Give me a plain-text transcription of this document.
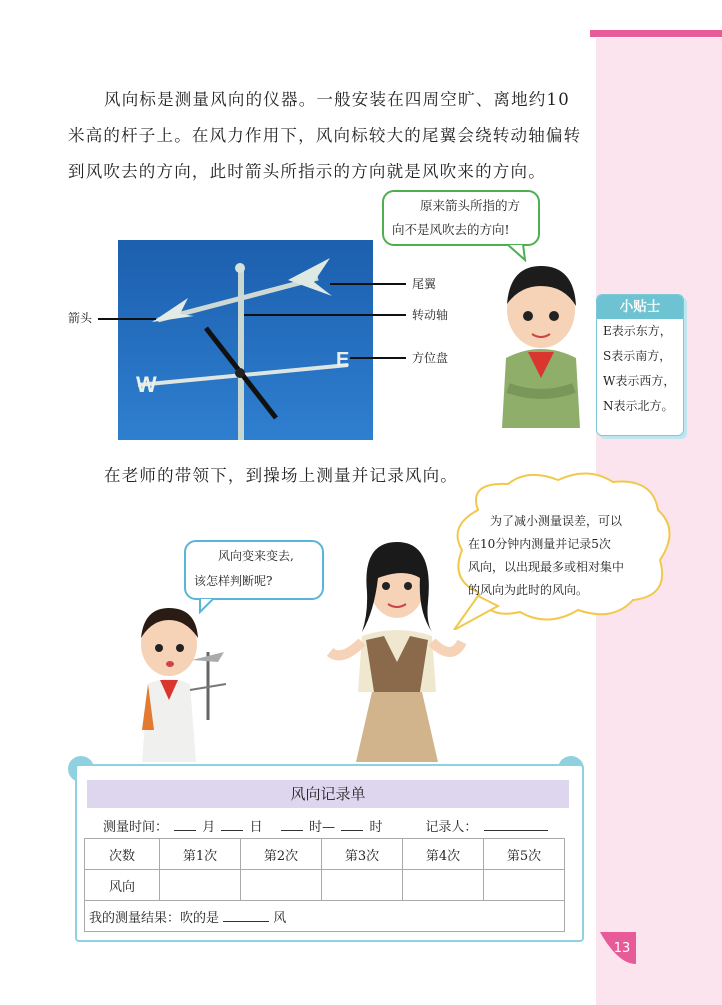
风向标是测量风向的仪器。一般安装在四周空旷、离地约10米高的杆子上。在风力作用下，风向标较大的尾翼会绕转动轴偏转到风吹去的方向，此时箭头所指示的方向就是风吹来的方向。

原来箭头所指的方
向不是风吹去的方向!
W
E
箭头
尾翼
转动轴
方位盘
小贴士
E表示东方，
S表示南方，
W表示西方，
N表示北方。

在老师的带领下，到操场上测量并记录风向。

为了减小测量误差，可以
在10分钟内测量并记录5次
风向，以出现最多或相对集中
的风向为此时的风向。
风向变来变去,
该怎样判断呢?
风向记录单
测量时间：	月	日	时—	时	记录人：
次数	第1次	第2次	第3次	第4次	第5次
风向					
我的测量结果：吹的是 风					
13
